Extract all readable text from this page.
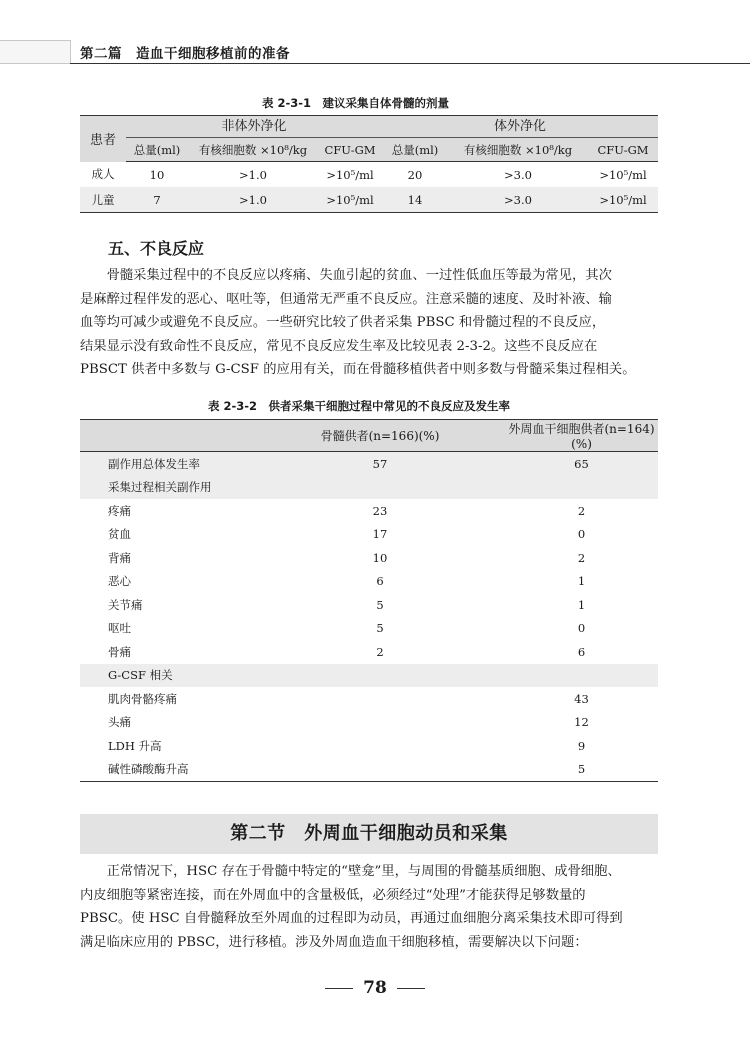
第二篇　造血干细胞移植前的准备
表 2-3-1　建议采集自体骨髓的剂量
患者	非体外净化			体外净化		
	总量(ml)	有核细胞数 ×10⁸/kg	CFU-GM	总量(ml)	有核细胞数 ×10⁸/kg	CFU-GM
成人	10	>1.0	>10⁵/ml	20	>3.0	>10⁵/ml
儿童	7	>1.0	>10⁵/ml	14	>3.0	>10⁵/ml
五、不良反应
骨髓采集过程中的不良反应以疼痛、失血引起的贫血、一过性低血压等最为常见，其次
是麻醉过程伴发的恶心、呕吐等，但通常无严重不良反应。注意采髓的速度、及时补液、输
血等均可减少或避免不良反应。一些研究比较了供者采集 PBSC 和骨髓过程的不良反应，
结果显示没有致命性不良反应，常见不良反应发生率及比较见表 2-3-2。这些不良反应在
PBSCT 供者中多数与 G-CSF 的应用有关，而在骨髓移植供者中则多数与骨髓采集过程相关。
表 2-3-2　供者采集干细胞过程中常见的不良反应及发生率
	骨髓供者(n=166)(%)	外周血干细胞供者(n=164)(%)
副作用总体发生率	57	65
采集过程相关副作用		
疼痛	23	2
贫血	17	0
背痛	10	2
恶心	6	1
关节痛	5	1
呕吐	5	0
骨痛	2	6
G-CSF 相关		
肌肉骨骼疼痛		43
头痛		12
LDH 升高		9
碱性磷酸酶升高		5
第二节　外周血干细胞动员和采集
正常情况下，HSC 存在于骨髓中特定的“壁龛”里，与周围的骨髓基质细胞、成骨细胞、
内皮细胞等紧密连接，而在外周血中的含量极低，必须经过“处理”才能获得足够数量的
PBSC。使 HSC 自骨髓释放至外周血的过程即为动员，再通过血细胞分离采集技术即可得到
满足临床应用的 PBSC，进行移植。涉及外周血造血干细胞移植，需要解决以下问题：
78
